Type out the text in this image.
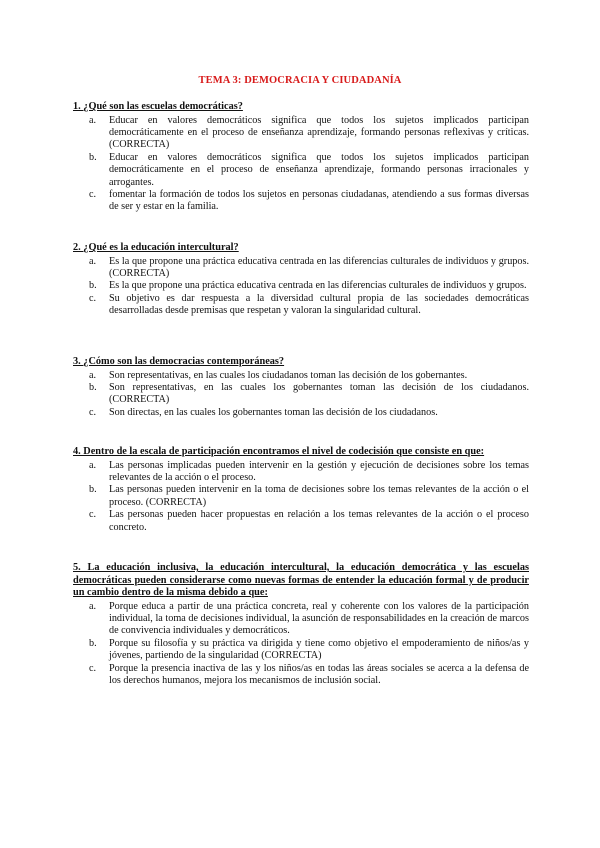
TEMA 3: DEMOCRACIA Y CIUDADANÍA
1. ¿Qué son las escuelas democráticas?
a. Educar en valores democráticos significa que todos los sujetos implicados participan democráticamente en el proceso de enseñanza aprendizaje, formando personas reflexivas y críticas. (CORRECTA)
b. Educar en valores democráticos significa que todos los sujetos implicados participan democráticamente en el proceso de enseñanza aprendizaje, formando personas irracionales y arrogantes.
c. fomentar la formación de todos los sujetos en personas ciudadanas, atendiendo a sus formas diversas de ser y estar en la familia.
2. ¿Qué es la educación intercultural?
a. Es la que propone una práctica educativa centrada en las diferencias culturales de individuos y grupos. (CORRECTA)
b. Es la que propone una práctica educativa centrada en las diferencias culturales de individuos y grupos.
c. Su objetivo es dar respuesta a la diversidad cultural propia de las sociedades democráticas desarrolladas desde premisas que respetan y valoran la singularidad cultural.
3. ¿Cómo son las democracias contemporáneas?
a. Son representativas, en las cuales los ciudadanos toman las decisión de los gobernantes.
b. Son representativas, en las cuales los gobernantes toman las decisión de los ciudadanos. (CORRECTA)
c. Son directas, en las cuales los gobernantes toman las decisión de los ciudadanos.
4. Dentro de la escala de participación encontramos el nivel de codecisión que consiste en que:
a. Las personas implicadas pueden intervenir en la gestión y ejecución de decisiones sobre los temas relevantes de la acción o el proceso.
b. Las personas pueden intervenir en la toma de decisiones sobre los temas relevantes de la acción o el proceso. (CORRECTA)
c. Las personas pueden hacer propuestas en relación a los temas relevantes de la acción o el proceso concreto.
5. La educación inclusiva, la educación intercultural, la educación democrática y las escuelas democráticas pueden considerarse como nuevas formas de entender la educación formal y de producir un cambio dentro de la misma debido a que:
a. Porque educa a partir de una práctica concreta, real y coherente con los valores de la participación individual, la toma de decisiones individual, la asunción de responsabilidades en la creación de marcos de convivencia individuales y democráticos.
b. Porque su filosofía y su práctica va dirigida y tiene como objetivo el empoderamiento de niños/as y jóvenes, partiendo de la singularidad (CORRECTA)
c. Porque la presencia inactiva de las y los niños/as en todas las áreas sociales se acerca a la defensa de los derechos humanos, mejora los mecanismos de inclusión social.
